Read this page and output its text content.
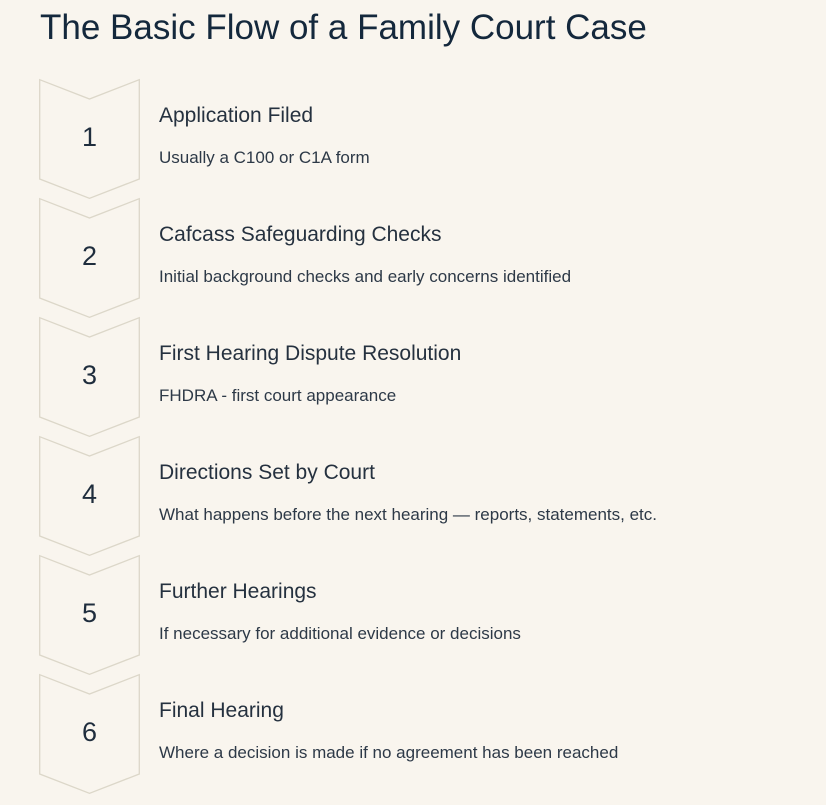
The Basic Flow of a Family Court Case
1
Application Filed
Usually a C100 or C1A form
2
Cafcass Safeguarding Checks
Initial background checks and early concerns identified
3
First Hearing Dispute Resolution
FHDRA - first court appearance
4
Directions Set by Court
What happens before the next hearing — reports, statements, etc.
5
Further Hearings
If necessary for additional evidence or decisions
6
Final Hearing
Where a decision is made if no agreement has been reached
